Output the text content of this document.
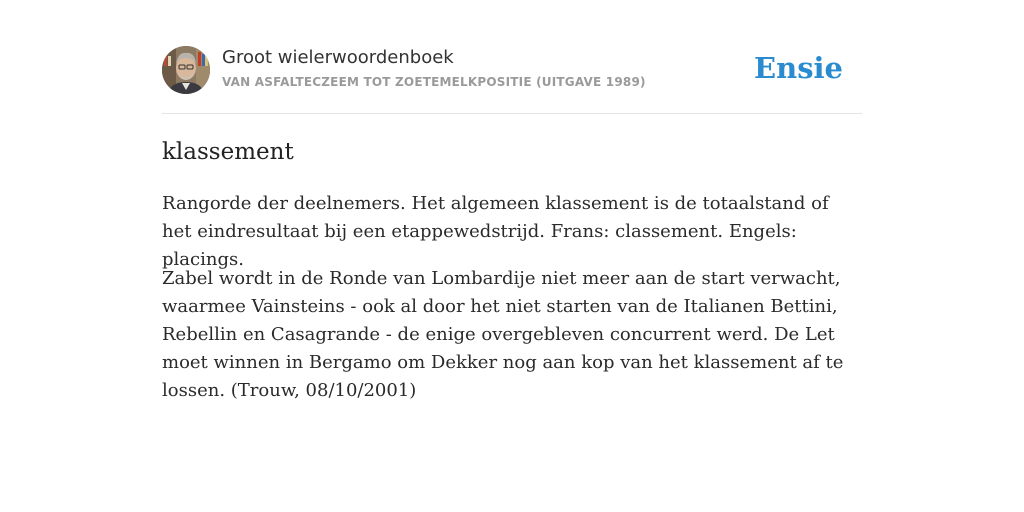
Groot wielerwoordenboek
VAN ASFALTECZEEM TOT ZOETEMELKPOSITIE (UITGAVE 1989)	Ensie
klassement

Rangorde der deelnemers. Het algemeen klassement is de totaalstand of het eindresultaat bij een etappewedstrijd. Frans: classement. Engels: placings.

Zabel wordt in de Ronde van Lombardije niet meer aan de start verwacht, waarmee Vainsteins - ook al door het niet starten van de Italianen Bettini, Rebellin en Casagrande - de enige overgebleven concurrent werd. De Let moet winnen in Bergamo om Dekker nog aan kop van het klassement af te lossen. (Trouw, 08/10/2001)
